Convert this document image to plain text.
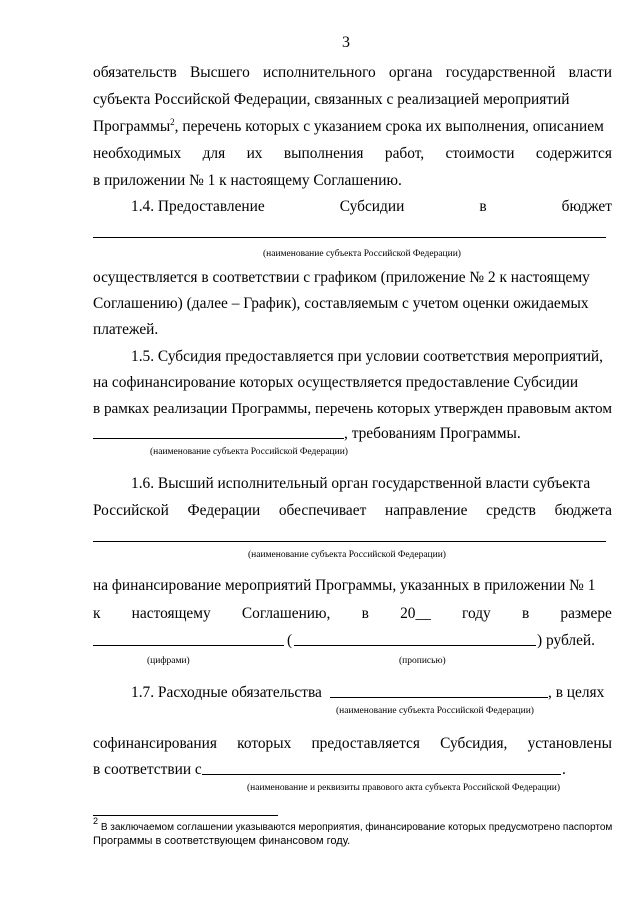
3
обязательств Высшего исполнительного органа государственной власти
субъекта Российской Федерации, связанных с реализацией мероприятий
Программы$^2$, перечень которых с указанием срока их выполнения, описанием
необходимых для их выполнения работ, стоимости содержится
в приложении № 1 к настоящему Соглашению.
1.4. Предоставление	Субсидии	в	бюджет
(наименование субъекта Российской Федерации)
осуществляется в соответствии с графиком (приложение № 2 к настоящему
Соглашению) (далее – График), составляемым с учетом оценки ожидаемых
платежей.
1.5. Субсидия предоставляется при условии соответствия мероприятий,
на софинансирование которых осуществляется предоставление Субсидии
в рамках реализации Программы, перечень которых утвержден правовым актом
, требованиям Программы.
(наименование субъекта Российской Федерации)
1.6. Высший исполнительный орган государственной власти субъекта
Российской Федерации обеспечивает направление средств бюджета
(наименование субъекта Российской Федерации)
на финансирование мероприятий Программы, указанных в приложении № 1
к настоящему Соглашению, в 20__ году в размере
(	) рублей.
(цифрами)	(прописью)
1.7. Расходные обязательства	, в целях
(наименование субъекта Российской Федерации)
софинансирования которых предоставляется Субсидия, установлены
в соответствии с	.
(наименование и реквизиты правового акта субъекта Российской Федерации)
$^2$ В заключаемом соглашении указываются мероприятия, финансирование которых предусмотрено паспортом
Программы в соответствующем финансовом году.
